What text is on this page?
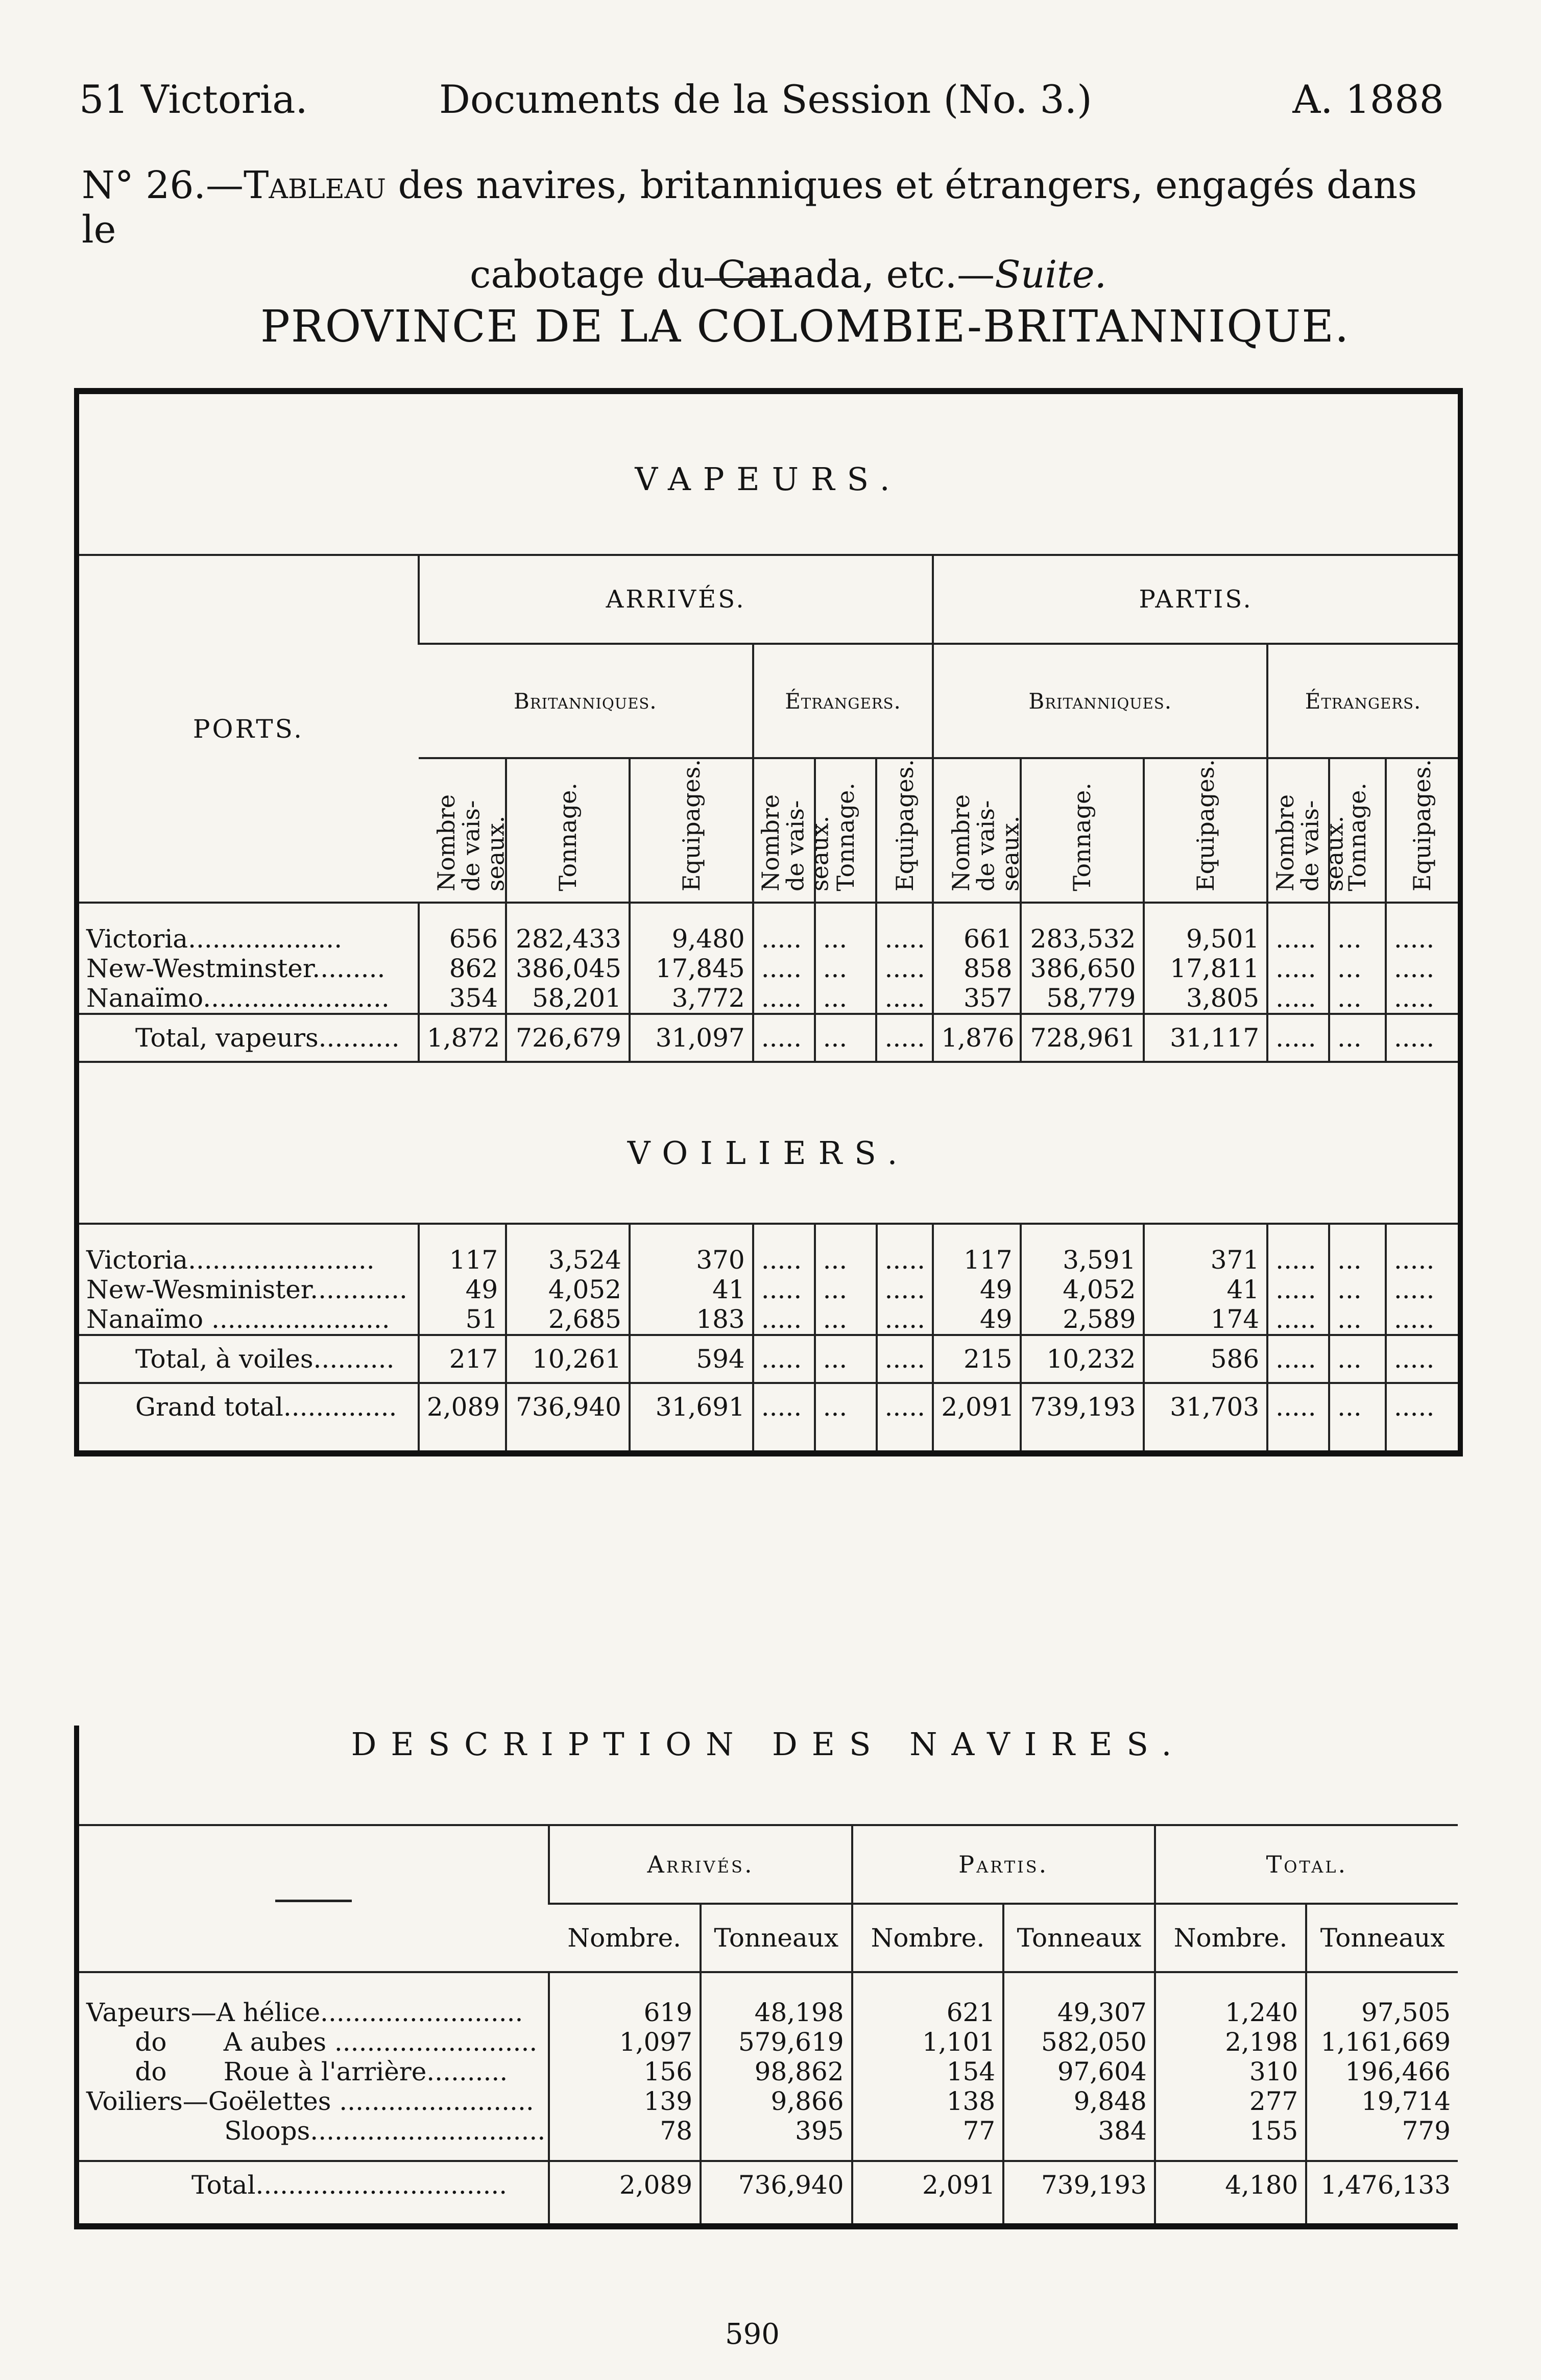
51 Victoria.	Documents de la Session (No. 3.)	A. 1888
N° 26.—Tableau des navires, britanniques et étrangers, engagés dans le
cabotage du Canada, etc.—Suite.
PROVINCE DE LA COLOMBIE-BRITANNIQUE.
VAPEURS.
PORTS.	ARRIVÉS.						PARTIS.					
	Britanniques.			Étrangers.			Britanniques.			Étrangers.		

	Nombre de vais-seaux.	Tonnage.	Equipages.	Nombre de vais-seaux.	Tonnage.	Equipages.	Nombre de vais-seaux.	Tonnage.	Equipages.	Nombre de vais-seaux.	Tonnage.	Equipages.

Victoria...................	656	282,433	9,480	.....	...	.....	661	283,532	9,501	.....	...	.....
New-Westminster.........	862	386,045	17,845	.....	...	.....	858	386,650	17,811	.....	...	.....
Nanaïmo.......................	354	58,201	3,772	.....	...	.....	357	58,779	3,805	.....	...	.....
Total, vapeurs..........	1,872	726,679	31,097	.....	...	.....	1,876	728,961	31,117	.....	...	.....
VOILIERS.

Victoria.......................	117	3,524	370	.....	...	.....	117	3,591	371	.....	...	.....
New-Wesminister............	49	4,052	41	.....	...	.....	49	4,052	41	.....	...	.....
Nanaïmo ......................	51	2,685	183	.....	...	.....	49	2,589	174	.....	...	.....
Total, à voiles..........	217	10,261	594	.....	...	.....	215	10,232	586	.....	...	.....
Grand total..............	2,089	736,940	31,691	.....	...	.....	2,091	739,193	31,703	.....	...	.....

DESCRIPTION DES NAVIRES.
	Arrivés.		Partis.		Total.	
	Nombre.	Tonneaux	Nombre.	Tonneaux	Nombre.	Tonneaux

Vapeurs—A hélice.........................	619	48,198	621	49,307	1,240	97,505
do       A aubes .........................	1,097	579,619	1,101	582,050	2,198	1,161,669
do       Roue à l'arrière..........	156	98,862	154	97,604	310	196,466
Voiliers—Goëlettes ........................	139	9,866	138	9,848	277	19,714
Sloops.............................	78	395	77	384	155	779

Total...............................	2,089	736,940	2,091	739,193	4,180	1,476,133

590
